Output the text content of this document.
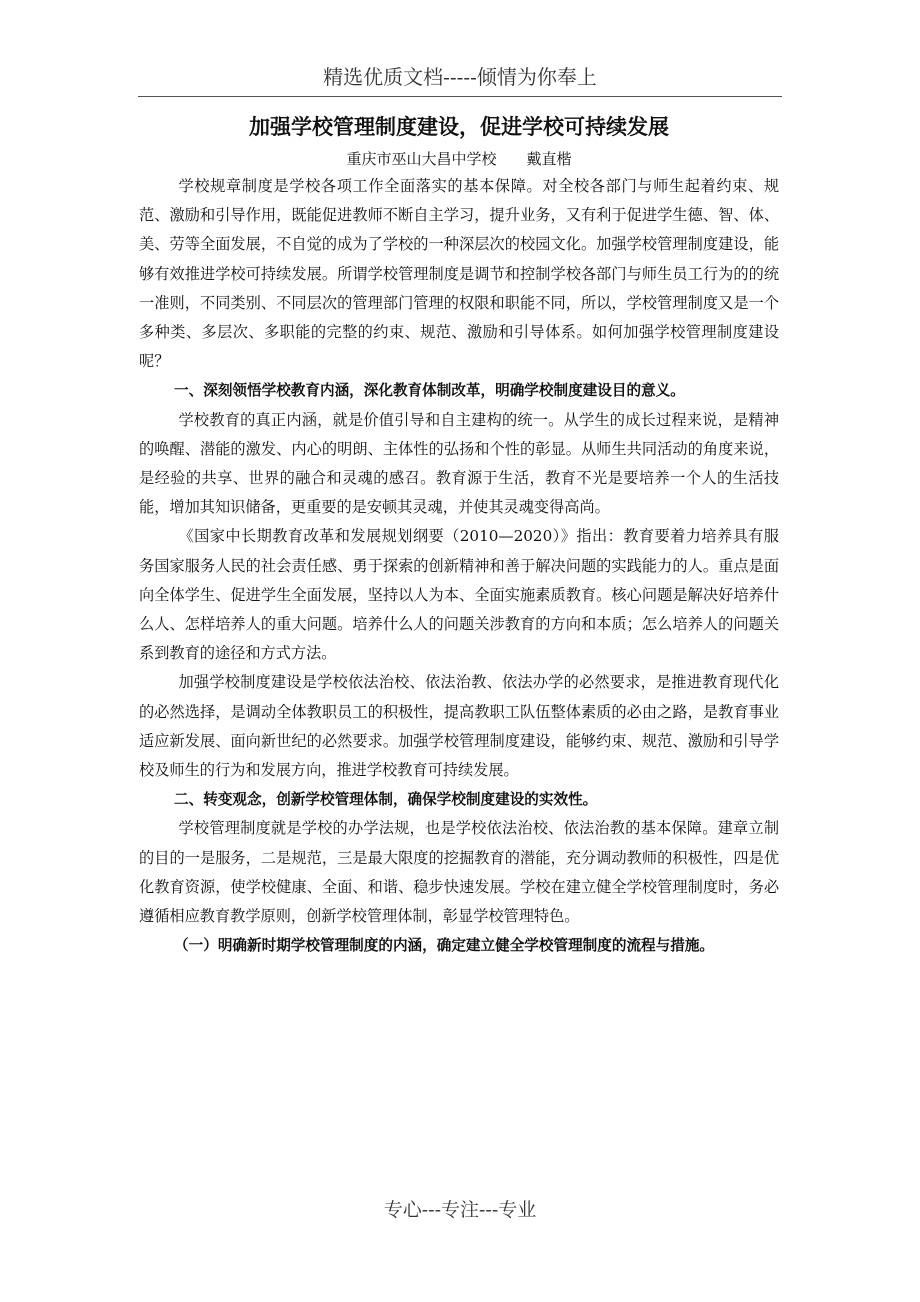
精选优质文档-----倾情为你奉上
加强学校管理制度建设，促进学校可持续发展
重庆市巫山大昌中学校　　戴直楷

学校规章制度是学校各项工作全面落实的基本保障。对全校各部门与师生起着约束、规范、激励和引导作用，既能促进教师不断自主学习，提升业务，又有利于促进学生德、智、体、美、劳等全面发展，不自觉的成为了学校的一种深层次的校园文化。加强学校管理制度建设，能够有效推进学校可持续发展。所谓学校管理制度是调节和控制学校各部门与师生员工行为的的统一准则，不同类别、不同层次的管理部门管理的权限和职能不同，所以，学校管理制度又是一个多种类、多层次、多职能的完整的约束、规范、激励和引导体系。如何加强学校管理制度建设呢？

一、深刻领悟学校教育内涵，深化教育体制改革，明确学校制度建设目的意义。

学校教育的真正内涵，就是价值引导和自主建构的统一。从学生的成长过程来说，是精神的唤醒、潜能的激发、内心的明朗、主体性的弘扬和个性的彰显。从师生共同活动的角度来说，是经验的共享、世界的融合和灵魂的感召。教育源于生活，教育不光是要培养一个人的生活技能，增加其知识储备，更重要的是安顿其灵魂，并使其灵魂变得高尚。

《国家中长期教育改革和发展规划纲要（2010—2020）》指出：教育要着力培养具有服务国家服务人民的社会责任感、勇于探索的创新精神和善于解决问题的实践能力的人。重点是面向全体学生、促进学生全面发展，坚持以人为本、全面实施素质教育。核心问题是解决好培养什么人、怎样培养人的重大问题。培养什么人的问题关涉教育的方向和本质；怎么培养人的问题关系到教育的途径和方式方法。

加强学校制度建设是学校依法治校、依法治教、依法办学的必然要求，是推进教育现代化的必然选择，是调动全体教职员工的积极性，提高教职工队伍整体素质的必由之路，是教育事业适应新发展、面向新世纪的必然要求。加强学校管理制度建设，能够约束、规范、激励和引导学校及师生的行为和发展方向，推进学校教育可持续发展。

二、转变观念，创新学校管理体制，确保学校制度建设的实效性。

学校管理制度就是学校的办学法规，也是学校依法治校、依法治教的基本保障。建章立制的目的一是服务，二是规范，三是最大限度的挖掘教育的潜能，充分调动教师的积极性，四是优化教育资源，使学校健康、全面、和谐、稳步快速发展。学校在建立健全学校管理制度时，务必遵循相应教育教学原则，创新学校管理体制，彰显学校管理特色。

（一）明确新时期学校管理制度的内涵，确定建立健全学校管理制度的流程与措施。

专心---专注---专业
